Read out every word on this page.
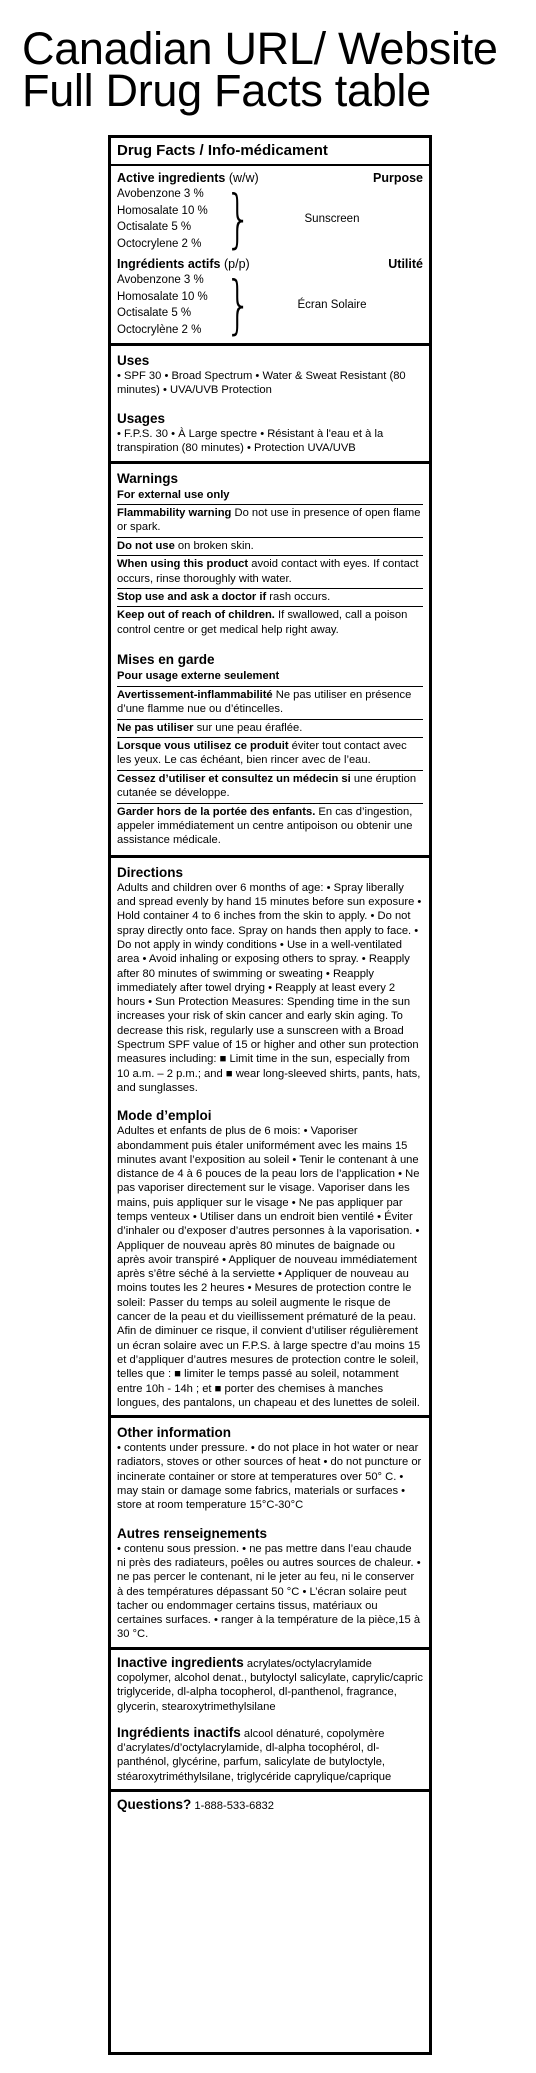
Canadian URL/ Website
Full Drug Facts table
Drug Facts / Info-médicament
Active ingredients (w/w)	Purpose
Avobenzone 3 %
Homosalate 10 %
Octisalate 5 %
Octocrylene 2 % }	Sunscreen
Ingrédients actifs (p/p)	Utilité
Avobenzone 3 %
Homosalate 10 %
Octisalate 5 %
Octocrylène 2 % }	Écran Solaire
Uses
• SPF 30 • Broad Spectrum • Water & Sweat Resistant (80 minutes) • UVA/UVB Protection
Usages
• F.P.S. 30 • À Large spectre • Résistant à l'eau et à la transpiration (80 minutes) • Protection UVA/UVB
Warnings
For external use only
Flammability warning Do not use in presence of open flame or spark.
Do not use on broken skin.
When using this product avoid contact with eyes. If contact occurs, rinse thoroughly with water.
Stop use and ask a doctor if rash occurs.
Keep out of reach of children. If swallowed, call a poison control centre or get medical help right away.
Mises en garde
Pour usage externe seulement
Avertissement-inflammabilité Ne pas utiliser en présence d’une flamme nue ou d’étincelles.
Ne pas utiliser sur une peau éraflée.
Lorsque vous utilisez ce produit éviter tout contact avec les yeux. Le cas échéant, bien rincer avec de l’eau.
Cessez d’utiliser et consultez un médecin si une éruption cutanée se développe.
Garder hors de la portée des enfants. En cas d’ingestion, appeler immédiatement un centre antipoison ou obtenir une assistance médicale.
Directions
Adults and children over 6 months of age: • Spray liberally and spread evenly by hand 15 minutes before sun exposure • Hold container 4 to 6 inches from the skin to apply. • Do not spray directly onto face. Spray on hands then apply to face. • Do not apply in windy conditions • Use in a well-ventilated area • Avoid inhaling or exposing others to spray. • Reapply after 80 minutes of swimming or sweating • Reapply immediately after towel drying • Reapply at least every 2 hours • Sun Protection Measures: Spending time in the sun increases your risk of skin cancer and early skin aging. To decrease this risk, regularly use a sunscreen with a Broad Spectrum SPF value of 15 or higher and other sun protection measures including: ■ Limit time in the sun, especially from 10 a.m. – 2 p.m.; and ■ wear long-sleeved shirts, pants, hats, and sunglasses.
Mode d’emploi
Adultes et enfants de plus de 6 mois: • Vaporiser abondamment puis étaler uniformément avec les mains 15 minutes avant l’exposition au soleil • Tenir le contenant à une distance de 4 à 6 pouces de la peau lors de l’application • Ne pas vaporiser directement sur le visage. Vaporiser dans les mains, puis appliquer sur le visage • Ne pas appliquer par temps venteux • Utiliser dans un endroit bien ventilé • Éviter d’inhaler ou d’exposer d’autres personnes à la vaporisation. • Appliquer de nouveau après 80 minutes de baignade ou après avoir transpiré • Appliquer de nouveau immédiatement après s’être séché à la serviette • Appliquer de nouveau au moins toutes les 2 heures • Mesures de protection contre le soleil: Passer du temps au soleil augmente le risque de cancer de la peau et du vieillissement prématuré de la peau. Afin de diminuer ce risque, il convient d’utiliser régulièrement un écran solaire avec un F.P.S. à large spectre d’au moins 15 et d’appliquer d’autres mesures de protection contre le soleil, telles que : ■ limiter le temps passé au soleil, notamment entre 10h - 14h ; et ■ porter des chemises à manches longues, des pantalons, un chapeau et des lunettes de soleil.
Other information
• contents under pressure. • do not place in hot water or near radiators, stoves or other sources of heat • do not puncture or incinerate container or store at temperatures over 50° C. • may stain or damage some fabrics, materials or surfaces • store at room temperature 15°C-30°C
Autres renseignements
• contenu sous pression. • ne pas mettre dans l’eau chaude ni près des radiateurs, poêles ou autres sources de chaleur. • ne pas percer le contenant, ni le jeter au feu, ni le conserver à des températures dépassant 50 °C • L’écran solaire peut tacher ou endommager certains tissus, matériaux ou certaines surfaces. • ranger à la température de la pièce,15 à 30 °C.
Inactive ingredients acrylates/octylacrylamide copolymer, alcohol denat., butyloctyl salicylate, caprylic/capric triglyceride, dl-alpha tocopherol, dl-panthenol, fragrance, glycerin, stearoxytrimethylsilane
Ingrédients inactifs alcool dénaturé, copolymère d’acrylates/d’octylacrylamide, dl-alpha tocophérol, dl-panthénol, glycérine, parfum, salicylate de butyloctyle, stéaroxytriméthylsilane, triglycéride caprylique/caprique
Questions? 1-888-533-6832
